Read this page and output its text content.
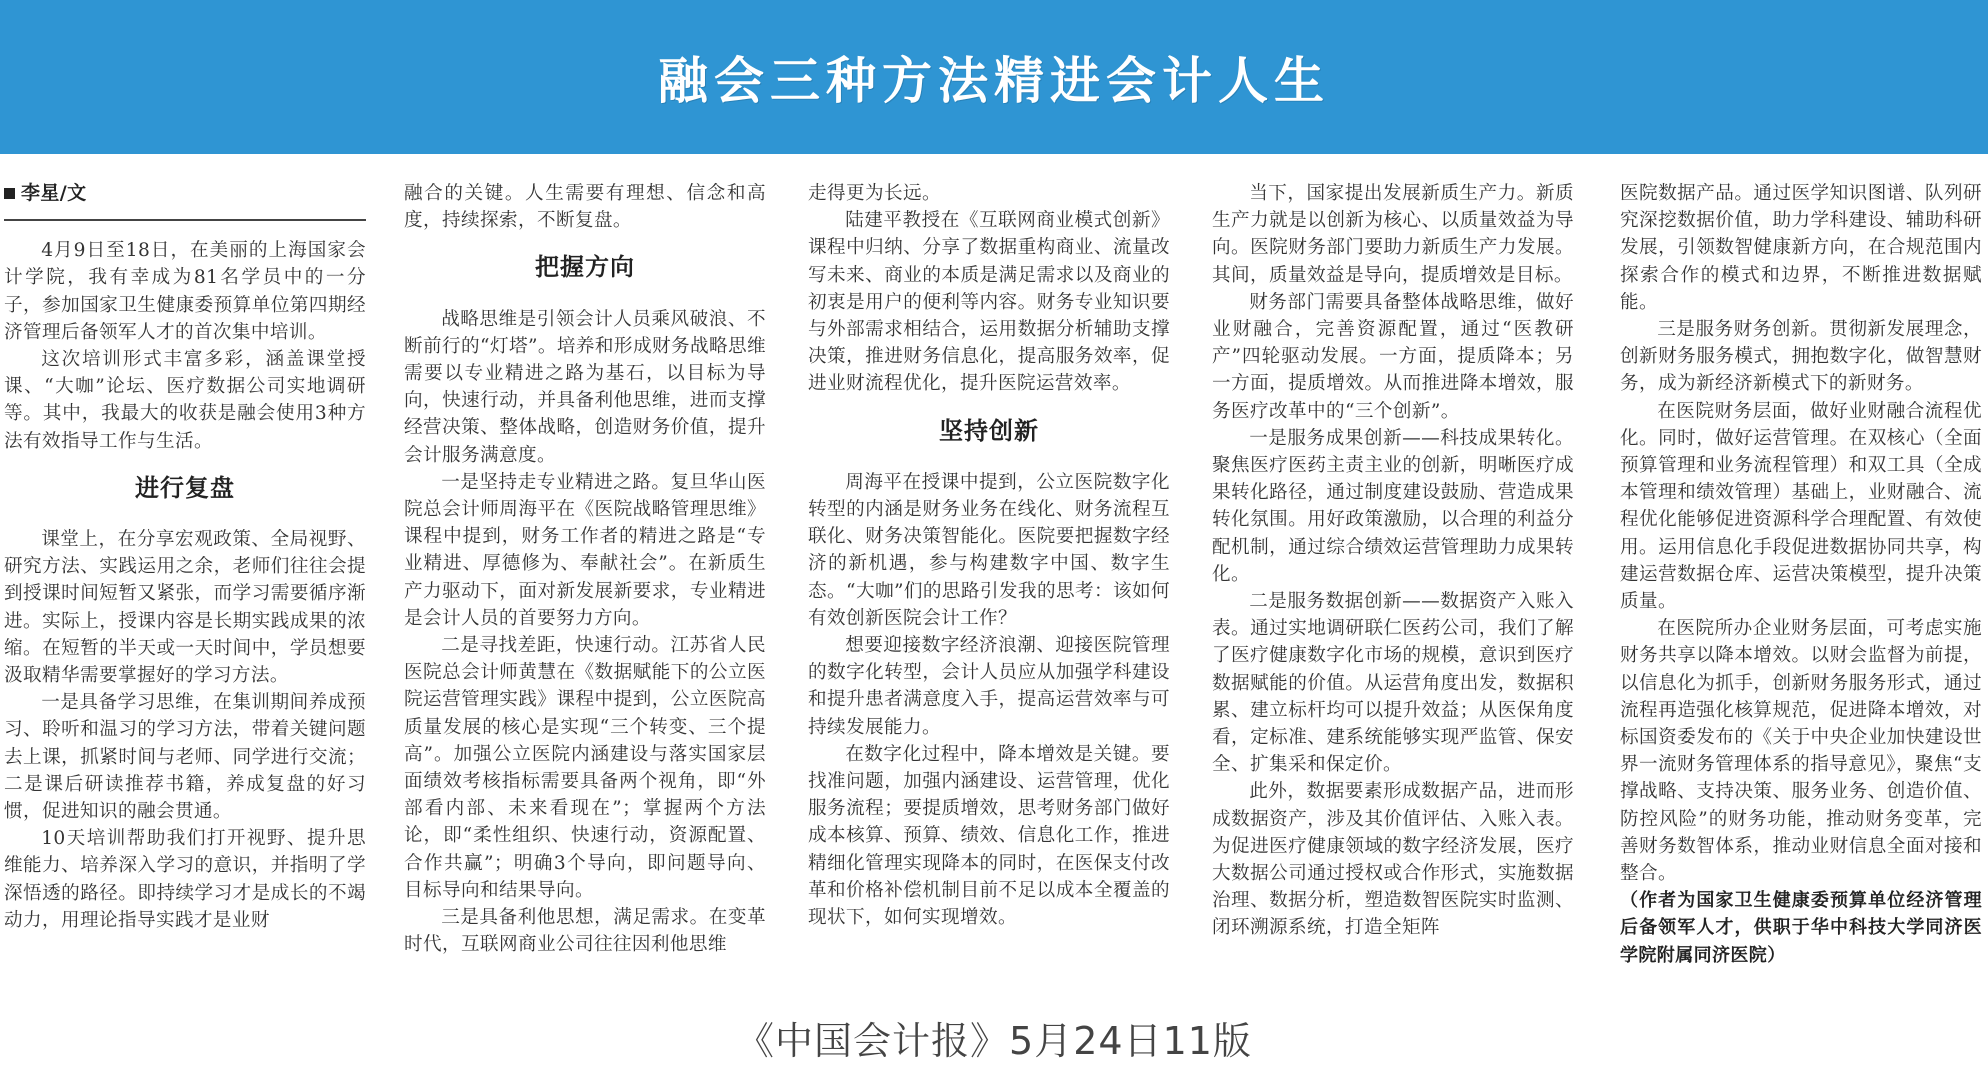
融会三种方法精进会计人生
李星/文

4月9日至18日，在美丽的上海国家会计学院，我有幸成为81名学员中的一分子，参加国家卫生健康委预算单位第四期经济管理后备领军人才的首次集中培训。

这次培训形式丰富多彩，涵盖课堂授课、“大咖”论坛、医疗数据公司实地调研等。其中，我最大的收获是融会使用3种方法有效指导工作与生活。

进行复盘

课堂上，在分享宏观政策、全局视野、研究方法、实践运用之余，老师们往往会提到授课时间短暂又紧张，而学习需要循序渐进。实际上，授课内容是长期实践成果的浓缩。在短暂的半天或一天时间中，学员想要汲取精华需要掌握好的学习方法。

一是具备学习思维，在集训期间养成预习、聆听和温习的学习方法，带着关键问题去上课，抓紧时间与老师、同学进行交流；二是课后研读推荐书籍，养成复盘的好习惯，促进知识的融会贯通。

10天培训帮助我们打开视野、提升思维能力、培养深入学习的意识，并指明了学深悟透的路径。即持续学习才是成长的不竭动力，用理论指导实践才是业财

融合的关键。人生需要有理想、信念和高度，持续探索，不断复盘。

把握方向

战略思维是引领会计人员乘风破浪、不断前行的“灯塔”。培养和形成财务战略思维需要以专业精进之路为基石，以目标为导向，快速行动，并具备利他思维，进而支撑经营决策、整体战略，创造财务价值，提升会计服务满意度。

一是坚持走专业精进之路。复旦华山医院总会计师周海平在《医院战略管理思维》课程中提到，财务工作者的精进之路是“专业精进、厚德修为、奉献社会”。在新质生产力驱动下，面对新发展新要求，专业精进是会计人员的首要努力方向。

二是寻找差距，快速行动。江苏省人民医院总会计师黄慧在《数据赋能下的公立医院运营管理实践》课程中提到，公立医院高质量发展的核心是实现“三个转变、三个提高”。加强公立医院内涵建设与落实国家层面绩效考核指标需要具备两个视角，即“外部看内部、未来看现在”；掌握两个方法论，即“柔性组织、快速行动，资源配置、合作共赢”；明确3个导向，即问题导向、目标导向和结果导向。

三是具备利他思想，满足需求。在变革时代，互联网商业公司往往因利他思维

走得更为长远。

陆建平教授在《互联网商业模式创新》课程中归纳、分享了数据重构商业、流量改写未来、商业的本质是满足需求以及商业的初衷是用户的便利等内容。财务专业知识要与外部需求相结合，运用数据分析辅助支撑决策，推进财务信息化，提高服务效率，促进业财流程优化，提升医院运营效率。

坚持创新

周海平在授课中提到，公立医院数字化转型的内涵是财务业务在线化、财务流程互联化、财务决策智能化。医院要把握数字经济的新机遇，参与构建数字中国、数字生态。“大咖”们的思路引发我的思考：该如何有效创新医院会计工作？

想要迎接数字经济浪潮、迎接医院管理的数字化转型，会计人员应从加强学科建设和提升患者满意度入手，提高运营效率与可持续发展能力。

在数字化过程中，降本增效是关键。要找准问题，加强内涵建设、运营管理，优化服务流程；要提质增效，思考财务部门做好成本核算、预算、绩效、信息化工作，推进精细化管理实现降本的同时，在医保支付改革和价格补偿机制目前不足以成本全覆盖的现状下，如何实现增效。

当下，国家提出发展新质生产力。新质生产力就是以创新为核心、以质量效益为导向。医院财务部门要助力新质生产力发展。其间，质量效益是导向，提质增效是目标。

财务部门需要具备整体战略思维，做好业财融合，完善资源配置，通过“医教研产”四轮驱动发展。一方面，提质降本；另一方面，提质增效。从而推进降本增效，服务医疗改革中的“三个创新”。

一是服务成果创新——科技成果转化。聚焦医疗医药主责主业的创新，明晰医疗成果转化路径，通过制度建设鼓励、营造成果转化氛围。用好政策激励，以合理的利益分配机制，通过综合绩效运营管理助力成果转化。

二是服务数据创新——数据资产入账入表。通过实地调研联仁医药公司，我们了解了医疗健康数字化市场的规模，意识到医疗数据赋能的价值。从运营角度出发，数据积累、建立标杆均可以提升效益；从医保角度看，定标准、建系统能够实现严监管、保安全、扩集采和保定价。

此外，数据要素形成数据产品，进而形成数据资产，涉及其价值评估、入账入表。为促进医疗健康领域的数字经济发展，医疗大数据公司通过授权或合作形式，实施数据治理、数据分析，塑造数智医院实时监测、闭环溯源系统，打造全矩阵

医院数据产品。通过医学知识图谱、队列研究深挖数据价值，助力学科建设、辅助科研发展，引领数智健康新方向，在合规范围内探索合作的模式和边界，不断推进数据赋能。

三是服务财务创新。贯彻新发展理念，创新财务服务模式，拥抱数字化，做智慧财务，成为新经济新模式下的新财务。

在医院财务层面，做好业财融合流程优化。同时，做好运营管理。在双核心（全面预算管理和业务流程管理）和双工具（全成本管理和绩效管理）基础上，业财融合、流程优化能够促进资源科学合理配置、有效使用。运用信息化手段促进数据协同共享，构建运营数据仓库、运营决策模型，提升决策质量。

在医院所办企业财务层面，可考虑实施财务共享以降本增效。以财会监督为前提，以信息化为抓手，创新财务服务形式，通过流程再造强化核算规范，促进降本增效，对标国资委发布的《关于中央企业加快建设世界一流财务管理体系的指导意见》，聚焦“支撑战略、支持决策、服务业务、创造价值、防控风险”的财务功能，推动财务变革，完善财务数智体系，推动业财信息全面对接和整合。

（作者为国家卫生健康委预算单位经济管理后备领军人才，供职于华中科技大学同济医学院附属同济医院）

《中国会计报》5月24日11版
